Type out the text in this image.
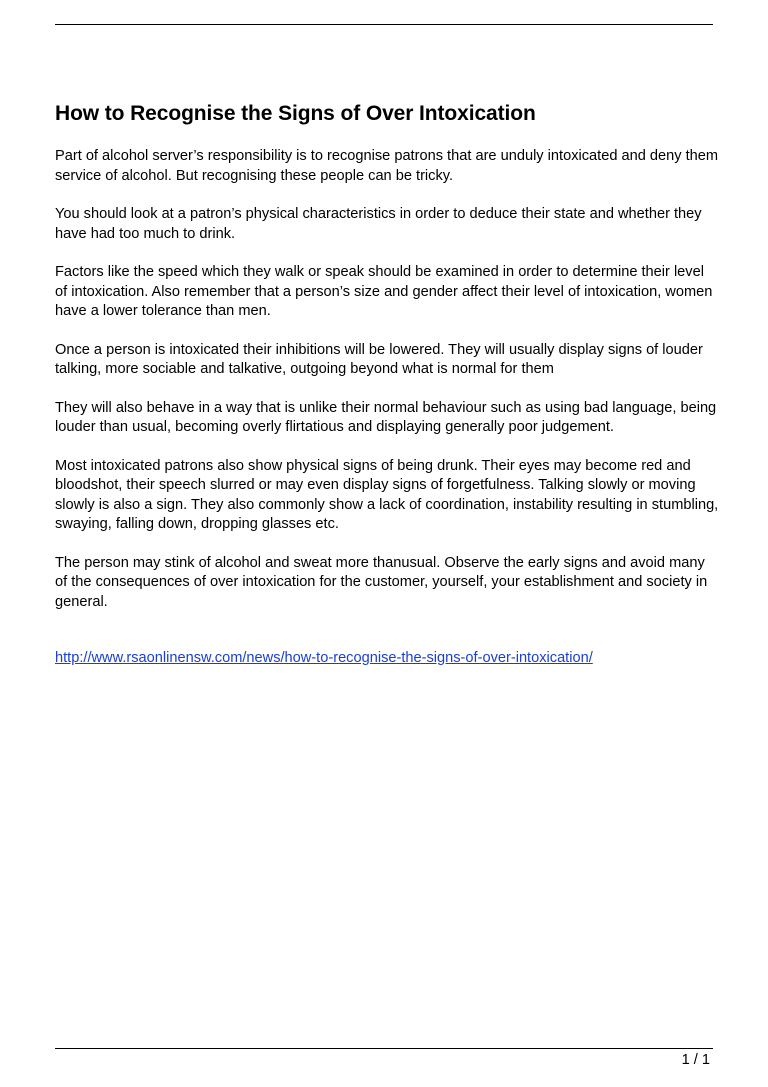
How to Recognise the Signs of Over Intoxication

Part of alcohol server’s responsibility is to recognise patrons that are unduly intoxicated and deny them service of alcohol. But recognising these people can be tricky.

You should look at a patron’s physical characteristics in order to deduce their state and whether they have had too much to drink.

Factors like the speed which they walk or speak should be examined in order to determine their level of intoxication. Also remember that a person’s size and gender affect their level of intoxication, women have a lower tolerance than men.

Once a person is intoxicated their inhibitions will be lowered. They will usually display signs of louder talking, more sociable and talkative, outgoing beyond what is normal for them

They will also behave in a way that is unlike their normal behaviour such as using bad language, being louder than usual, becoming overly flirtatious and displaying generally poor judgement.

Most intoxicated patrons also show physical signs of being drunk. Their eyes may become red and bloodshot, their speech slurred or may even display signs of forgetfulness. Talking slowly or moving slowly is also a sign. They also commonly show a lack of coordination, instability resulting in stumbling, swaying, falling down, dropping glasses etc.

The person may stink of alcohol and sweat more thanusual. Observe the early signs and avoid many of the consequences of over intoxication for the customer, yourself, your establishment and society in general.

http://www.rsaonlinensw.com/news/how-to-recognise-the-signs-of-over-intoxication/
1 / 1
